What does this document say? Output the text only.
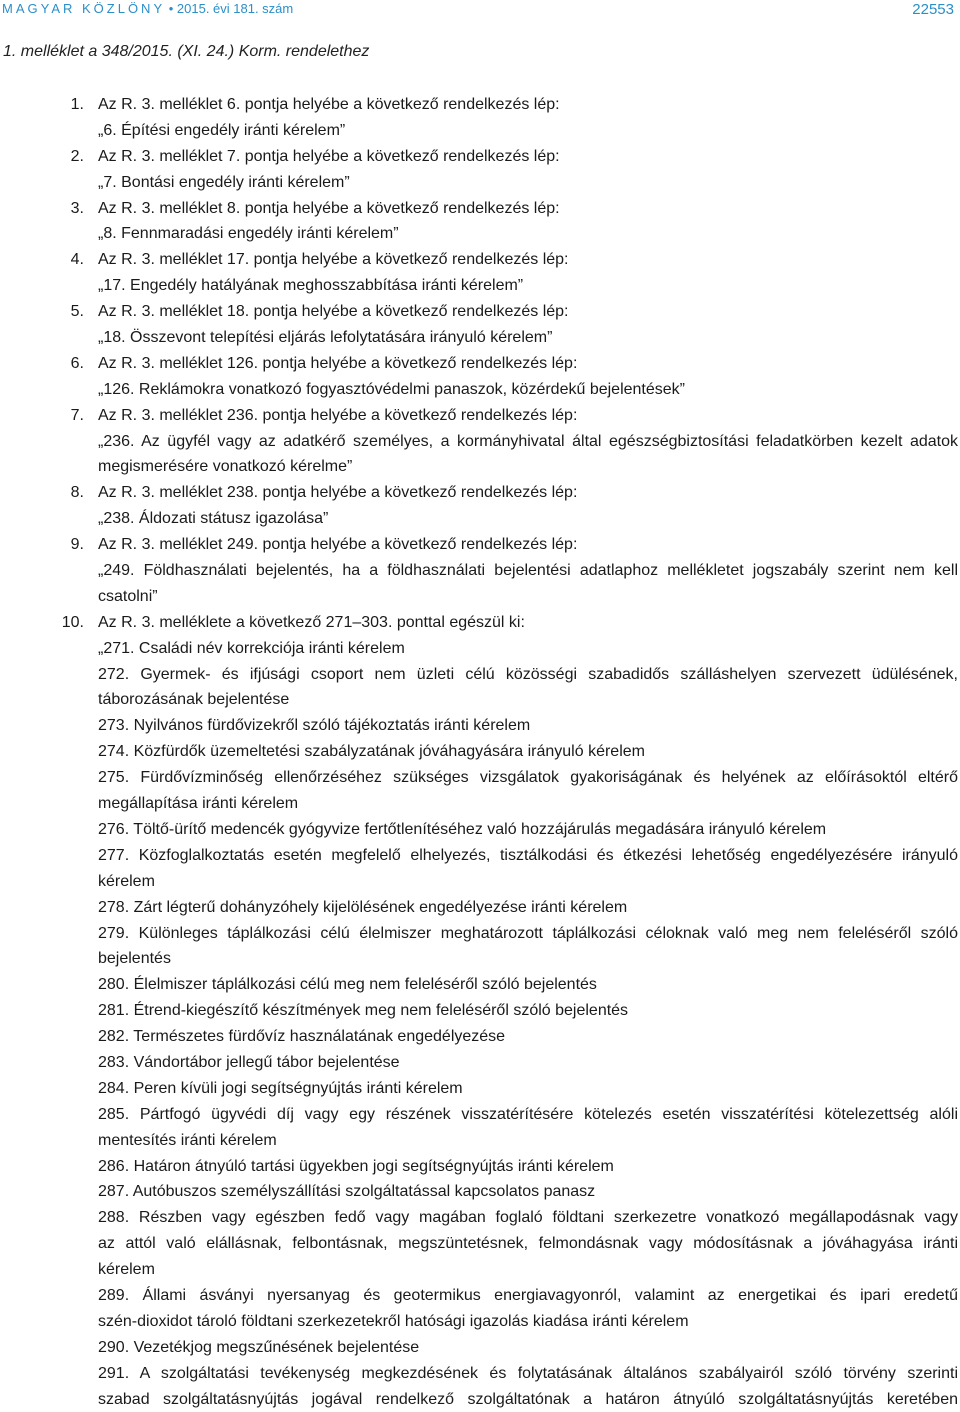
MAGYAR KÖZLÖNY • 2015. évi 181. szám	22553
1. melléklet a 348/2015. (XI. 24.) Korm. rendelethez
1. Az R. 3. melléklet 6. pontja helyébe a következő rendelkezés lép:
„6. Építési engedély iránti kérelem”
2. Az R. 3. melléklet 7. pontja helyébe a következő rendelkezés lép:
„7. Bontási engedély iránti kérelem”
3. Az R. 3. melléklet 8. pontja helyébe a következő rendelkezés lép:
„8. Fennmaradási engedély iránti kérelem”
4. Az R. 3. melléklet 17. pontja helyébe a következő rendelkezés lép:
„17. Engedély hatályának meghosszabbítása iránti kérelem”
5. Az R. 3. melléklet 18. pontja helyébe a következő rendelkezés lép:
„18. Összevont telepítési eljárás lefolytatására irányuló kérelem”
6. Az R. 3. melléklet 126. pontja helyébe a következő rendelkezés lép:
„126. Reklámokra vonatkozó fogyasztóvédelmi panaszok, közérdekű bejelentések”
7. Az R. 3. melléklet 236. pontja helyébe a következő rendelkezés lép:
„236. Az ügyfél vagy az adatkérő személyes, a kormányhivatal által egészségbiztosítási feladatkörben kezelt adatok
megismerésére vonatkozó kérelme”
8. Az R. 3. melléklet 238. pontja helyébe a következő rendelkezés lép:
„238. Áldozati státusz igazolása”
9. Az R. 3. melléklet 249. pontja helyébe a következő rendelkezés lép:
„249. Földhasználati bejelentés, ha a földhasználati bejelentési adatlaphoz mellékletet jogszabály szerint nem kell
csatolni”
10. Az R. 3. melléklete a következő 271–303. ponttal egészül ki:
„271. Családi név korrekciója iránti kérelem
272. Gyermek- és ifjúsági csoport nem üzleti célú közösségi szabadidős szálláshelyen szervezett üdülésének,
táborozásának bejelentése
273. Nyilvános fürdővizekről szóló tájékoztatás iránti kérelem
274. Közfürdők üzemeltetési szabályzatának jóváhagyására irányuló kérelem
275. Fürdővízminőség ellenőrzéséhez szükséges vizsgálatok gyakoriságának és helyének az előírásoktól eltérő
megállapítása iránti kérelem
276. Töltő-ürítő medencék gyógyvize fertőtlenítéséhez való hozzájárulás megadására irányuló kérelem
277. Közfoglalkoztatás esetén megfelelő elhelyezés, tisztálkodási és étkezési lehetőség engedélyezésére irányuló
kérelem
278. Zárt légterű dohányzóhely kijelölésének engedélyezése iránti kérelem
279. Különleges táplálkozási célú élelmiszer meghatározott táplálkozási céloknak való meg nem feleléséről szóló
bejelentés
280. Élelmiszer táplálkozási célú meg nem feleléséről szóló bejelentés
281. Étrend-kiegészítő készítmények meg nem feleléséről szóló bejelentés
282. Természetes fürdővíz használatának engedélyezése
283. Vándortábor jellegű tábor bejelentése
284. Peren kívüli jogi segítségnyújtás iránti kérelem
285. Pártfogó ügyvédi díj vagy egy részének visszatérítésére kötelezés esetén visszatérítési kötelezettség alóli
mentesítés iránti kérelem
286. Határon átnyúló tartási ügyekben jogi segítségnyújtás iránti kérelem
287. Autóbuszos személyszállítási szolgáltatással kapcsolatos panasz
288. Részben vagy egészben fedő vagy magában foglaló földtani szerkezetre vonatkozó megállapodásnak vagy
az attól való elállásnak, felbontásnak, megszüntetésnek, felmondásnak vagy módosításnak a jóváhagyása iránti
kérelem
289. Állami ásványi nyersanyag és geotermikus energiavagyonról, valamint az energetikai és ipari eredetű
szén-dioxidot tároló földtani szerkezetekről hatósági igazolás kiadása iránti kérelem
290. Vezetékjog megszűnésének bejelentése
291. A szolgáltatási tevékenység megkezdésének és folytatásának általános szabályairól szóló törvény szerinti
szabad szolgáltatásnyújtás jogával rendelkező szolgáltatónak a határon átnyúló szolgáltatásnyújtás keretében
